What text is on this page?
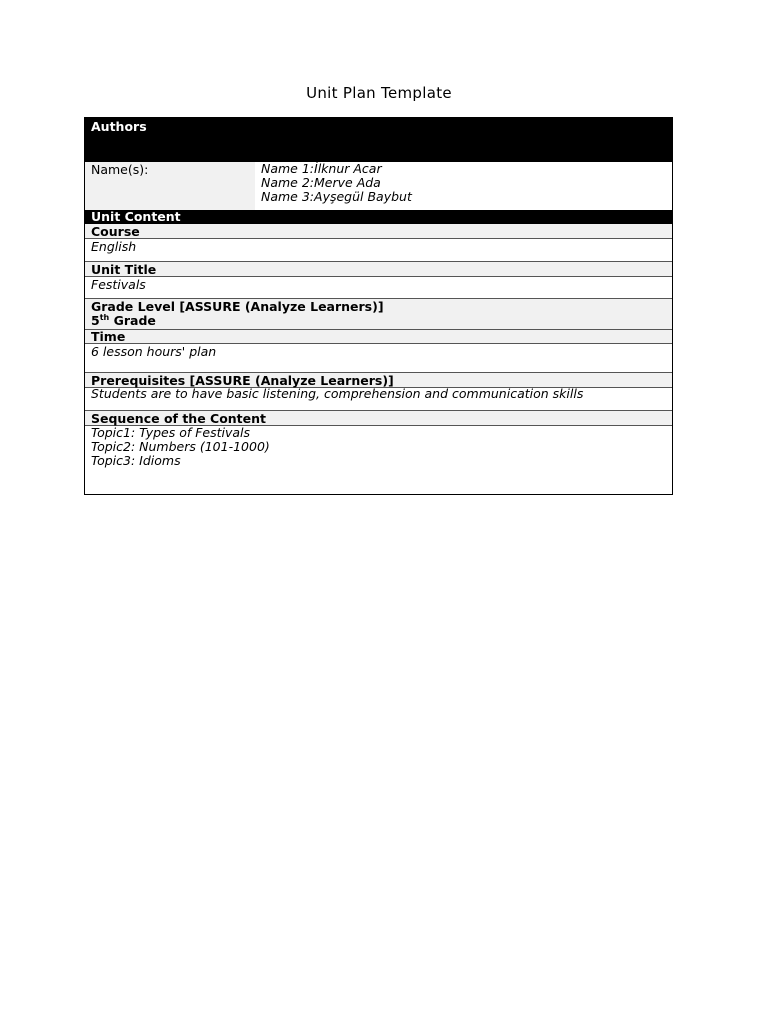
Unit Plan Template
Authors
Name(s):	Name 1:İlknur Acar
Name 2:Merve Ada
Name 3:Ayşegül Baybut
Unit Content
Course
English
Unit Title
Festivals
Grade Level [ASSURE (Analyze Learners)]
5th Grade
Time
6 lesson hours' plan
Prerequisites [ASSURE (Analyze Learners)]
Students are to have basic listening, comprehension and communication skills
Sequence of the Content
Topic1: Types of Festivals
Topic2: Numbers (101-1000)
Topic3: Idioms
